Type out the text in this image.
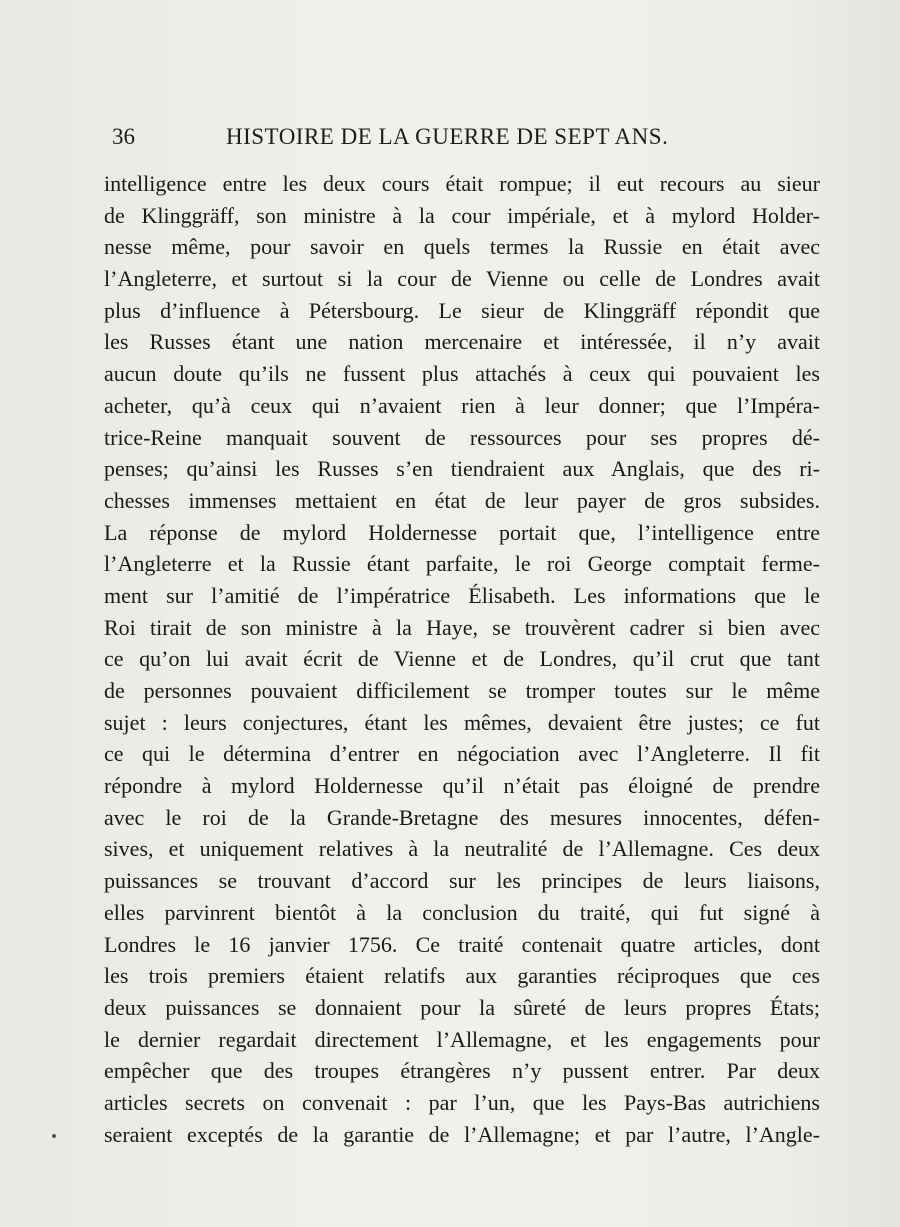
36	HISTOIRE DE LA GUERRE DE SEPT ANS.
intelligence entre les deux cours était rompue; il eut recours au sieur
de Klinggräff, son ministre à la cour impériale, et à mylord Holder-
nesse même, pour savoir en quels termes la Russie en était avec
l’Angleterre, et surtout si la cour de Vienne ou celle de Londres avait
plus d’influence à Pétersbourg. Le sieur de Klinggräff répondit que
les Russes étant une nation mercenaire et intéressée, il n’y avait
aucun doute qu’ils ne fussent plus attachés à ceux qui pouvaient les
acheter, qu’à ceux qui n’avaient rien à leur donner; que l’Impéra-
trice-Reine manquait souvent de ressources pour ses propres dé-
penses; qu’ainsi les Russes s’en tiendraient aux Anglais, que des ri-
chesses immenses mettaient en état de leur payer de gros subsides.
La réponse de mylord Holdernesse portait que, l’intelligence entre
l’Angleterre et la Russie étant parfaite, le roi George comptait ferme-
ment sur l’amitié de l’impératrice Élisabeth. Les informations que le
Roi tirait de son ministre à la Haye, se trouvèrent cadrer si bien avec
ce qu’on lui avait écrit de Vienne et de Londres, qu’il crut que tant
de personnes pouvaient difficilement se tromper toutes sur le même
sujet : leurs conjectures, étant les mêmes, devaient être justes; ce fut
ce qui le détermina d’entrer en négociation avec l’Angleterre. Il fit
répondre à mylord Holdernesse qu’il n’était pas éloigné de prendre
avec le roi de la Grande-Bretagne des mesures innocentes, défen-
sives, et uniquement relatives à la neutralité de l’Allemagne. Ces deux
puissances se trouvant d’accord sur les principes de leurs liaisons,
elles parvinrent bientôt à la conclusion du traité, qui fut signé à
Londres le 16 janvier 1756. Ce traité contenait quatre articles, dont
les trois premiers étaient relatifs aux garanties réciproques que ces
deux puissances se donnaient pour la sûreté de leurs propres États;
le dernier regardait directement l’Allemagne, et les engagements pour
empêcher que des troupes étrangères n’y pussent entrer. Par deux
articles secrets on convenait : par l’un, que les Pays-Bas autrichiens
seraient exceptés de la garantie de l’Allemagne; et par l’autre, l’Angle-
